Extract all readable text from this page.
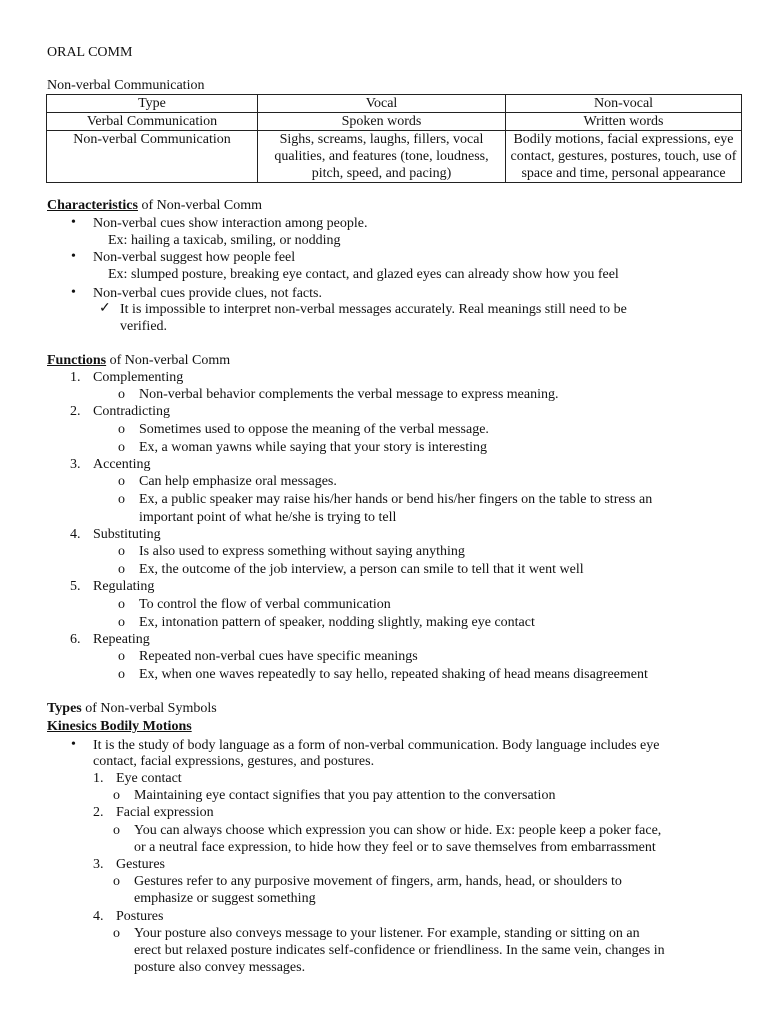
ORAL COMM
Non-verbal Communication
Type	Vocal	Non-vocal
Verbal Communication	Spoken words	Written words
Non-verbal Communication	Sighs, screams, laughs, fillers, vocal qualities, and features (tone, loudness, pitch, speed, and pacing)	Bodily motions, facial expressions, eye contact, gestures, postures, touch, use of space and time, personal appearance
Characteristics of Non-verbal Comm
• Non-verbal cues show interaction among people.
Ex: hailing a taxicab, smiling, or nodding
• Non-verbal suggest how people feel
Ex: slumped posture, breaking eye contact, and glazed eyes can already show how you feel
• Non-verbal cues provide clues, not facts.
✓ It is impossible to interpret non-verbal messages accurately. Real meanings still need to be
verified.
Functions of Non-verbal Comm
1. Complementing
o Non-verbal behavior complements the verbal message to express meaning.
2. Contradicting
o Sometimes used to oppose the meaning of the verbal message.
o Ex, a woman yawns while saying that your story is interesting
3. Accenting
o Can help emphasize oral messages.
o Ex, a public speaker may raise his/her hands or bend his/her fingers on the table to stress an
important point of what he/she is trying to tell
4. Substituting
o Is also used to express something without saying anything
o Ex, the outcome of the job interview, a person can smile to tell that it went well
5. Regulating
o To control the flow of verbal communication
o Ex, intonation pattern of speaker, nodding slightly, making eye contact
6. Repeating
o Repeated non-verbal cues have specific meanings
o Ex, when one waves repeatedly to say hello, repeated shaking of head means disagreement
Types of Non-verbal Symbols
Kinesics Bodily Motions
• It is the study of body language as a form of non-verbal communication. Body language includes eye
contact, facial expressions, gestures, and postures.
1. Eye contact
o Maintaining eye contact signifies that you pay attention to the conversation
2. Facial expression
o You can always choose which expression you can show or hide. Ex: people keep a poker face,
or a neutral face expression, to hide how they feel or to save themselves from embarrassment
3. Gestures
o Gestures refer to any purposive movement of fingers, arm, hands, head, or shoulders to
emphasize or suggest something
4. Postures
o Your posture also conveys message to your listener. For example, standing or sitting on an
erect but relaxed posture indicates self-confidence or friendliness. In the same vein, changes in
posture also convey messages.
